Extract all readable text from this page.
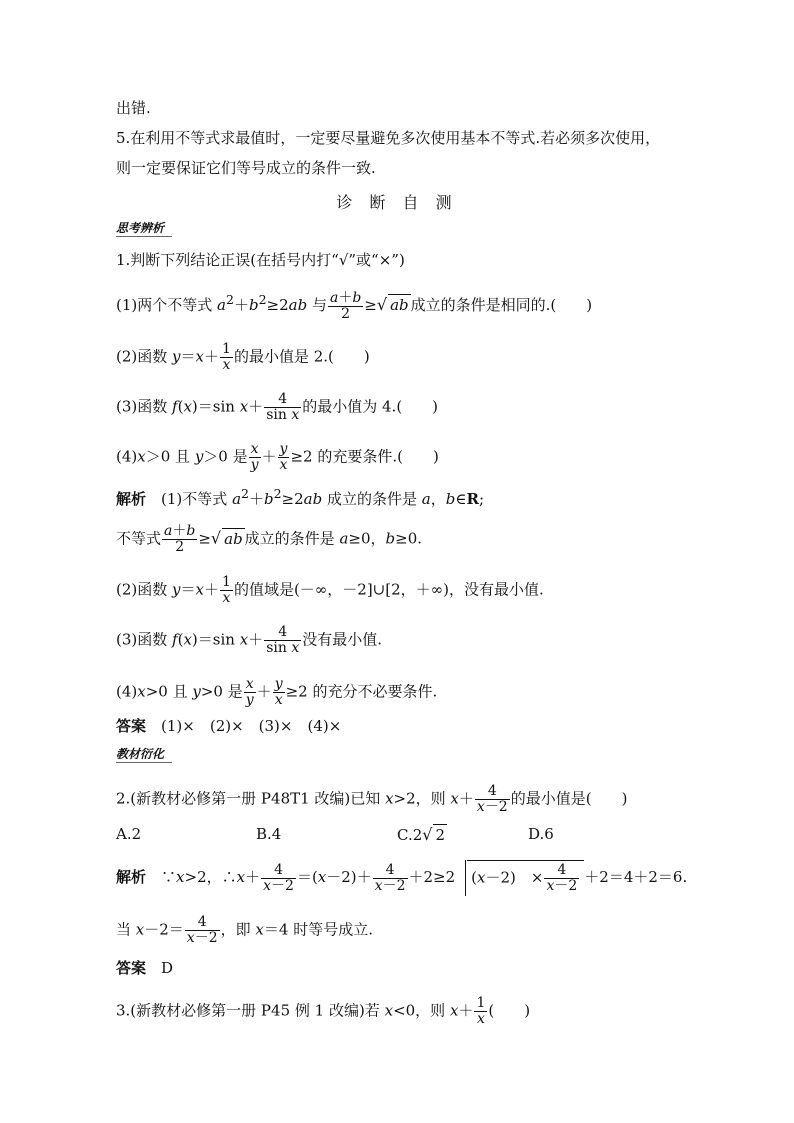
出错.
5.在利用不等式求最值时，一定要尽量避免多次使用基本不等式.若必须多次使用，
则一定要保证它们等号成立的条件一致.
诊 断 自 测
思考辨析
1.判断下列结论正误(在括号内打“√”或“×”)
(1)两个不等式 $a^2+b^2\ge 2ab$ 与 $\frac{a+b}{2}$ ≥√ ab 成立的条件是相同的.(　　)
(2)函数 $y=x+ \frac{1}{x}$ 的最小值是 2.(　　)
(3)函数 f(x)＝sin $x+ \frac{4}{\text{sin x}}$ 的最小值为 4.(　　)
(4)x＞0 且 y＞0 是 $\frac{x}{y} + \frac{y}{x} \ge 2$ 的充要条件.(　　)
解析　 (1)不等式 $a^2+b^2\ge 2ab$ 成立的条件是 a，b∈R;
不等式 $\frac{a+b}{2}$ ≥√ ab 成立的条件是 a≥0，b≥0.
(2)函数 $y=x+ \frac{1}{x}$ 的值域是(－∞，－2]∪[2，＋∞)，没有最小值.
(3)函数 f(x)＝sin $x+ \frac{4}{\text{sin x}}$ 没有最小值.
(4)x>0 且 y>0 是 $\frac{x}{y} + \frac{y}{x} \ge 2$ 的充分不必要条件.
答案　 (1)×　(2)×　(3)×　(4)×
教材衍化
2.(新教材必修第一册 P48T1 改编)已知 x>2，则 $x+ \frac{4}{x-2}$ 的最小值是(　　)
A.2	B.4	C.2√ 2	D.6
解析　∵x>2，∴x＋ $\frac{4}{x-2} =(x-2)+ \frac{4}{x-2} +2\ge 2$ (x－2)　× $\frac{4}{x-2} +2=4+2=6$.
当 $x-2= \frac{4}{x-2}$ ，即 x＝4 时等号成立.
答案　 D
3.(新教材必修第一册 P45 例 1 改编)若 x<0，则 $x+ \frac{1}{x}$ (　　)
